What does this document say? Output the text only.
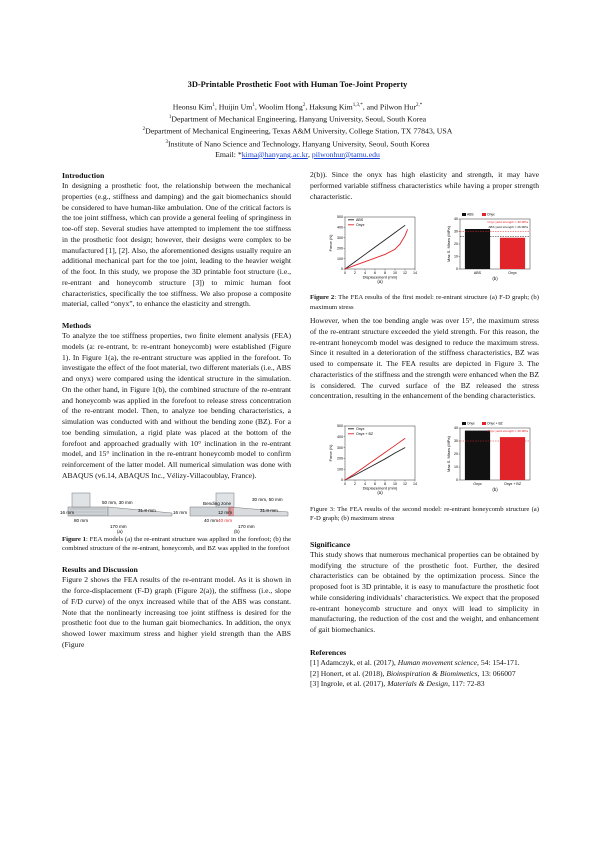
3D-Printable Prosthetic Foot with Human Toe-Joint Property
Heonsu Kim$^1$, Huijin Um$^1$, Woolim Hong$^2$, Haksung Kim$^{1,3,*}$, and Pilwon Hur$^{2,*}$
$^1$Department of Mechanical Engineering, Hanyang University, Seoul, South Korea
$^2$Department of Mechanical Engineering, Texas A&M University, College Station, TX 77843, USA
$^3$Institute of Nano Science and Technology, Hanyang University, Seoul, South Korea
Email: *kima@hanyang.ac.kr, pilwonhur@tamu.edu
Introduction

In designing a prosthetic foot, the relationship between the mechanical properties (e.g., stiffness and damping) and the gait biomechanics should be considered to have human-like ambulation. One of the critical factors is the toe joint stiffness, which can provide a general feeling of springiness in toe-off step. Several studies have attempted to implement the toe stiffness in the prosthetic foot design; however, their designs were complex to be manufactured [1], [2]. Also, the aforementioned designs usually require an additional mechanical part for the toe joint, leading to the heavier weight of the foot. In this study, we propose the 3D printable foot structure (i.e., re-entrant and honeycomb structure [3]) to mimic human foot characteristics, specifically the toe stiffness. We also propose a composite material, called “onyx”, to enhance the elasticity and strength.

Methods

To analyze the toe stiffness properties, two finite element analysis (FEA) models (a: re-entrant, b: re-entrant honeycomb) were established (Figure 1). In Figure 1(a), the re-entrant structure was applied in the forefoot. To investigate the effect of the foot material, two different materials (i.e., ABS and onyx) were compared using the identical structure in the simulation. On the other hand, in Figure 1(b), the combined structure of the re-entrant and honeycomb was applied in the forefoot to release stress concentration of the re-entrant model. Then, to analyze toe bending characteristics, a simulation was conducted with and without the bending zone (BZ). For a toe bending simulation, a rigid plate was placed at the bottom of the forefoot and approached gradually with 10° inclination in the re-entrant model, and 15° inclination in the re-entrant honeycomb model to confirm reinforcement of the latter model. All numerical simulation was done with ABAQUS (v6.14, ABAQUS Inc., Vélizy-Villacoublay, France).

50 mm, 30 mm
31.8 mm
16 mm
80 mm
170 mm
(a)
30 mm, 50 mm
Bending zone
31.8 mm
16 mm	12 mm
40 mm 40 mm
170 mm
(b)

Figure 1: FEA models (a) the re-entrant structure was applied in the forefoot; (b) the combined structure of the re-entrant, honeycomb, and BZ was applied in the forefoot

Results and Discussion

Figure 2 shows the FEA results of the re-entrant model. As it is shown in the force-displacement (F-D) graph (Figure 2(a)), the stiffness (i.e., slope of F/D curve) of the onyx increased while that of the ABS was constant. Note that the nonlinearly increasing toe joint stiffness is desired for the prosthetic foot due to the human gait biomechanics. In addition, the onyx showed lower maximum stress and higher yield strength than the ABS (Figure

2(b)). Since the onyx has high elasticity and strength, it may have performed variable stiffness characteristics while having a proper strength characteristic.

0 2 4 6 8 10 12 14
0
100
200
300
400
500
Displacement (mm)
Force (N)
ABS
Onyx
(a)
0
10
20
30
40
Max S. Mises (MPa)
ABS	Onyx
ABS	Onyx
Onyx yield strength = 30 MPa
ABS yield strength = 26 MPa
(b)

Figure 2: The FEA results of the first model: re-entrant structure (a) F-D graph; (b) maximum stress

However, when the toe bending angle was over 15°, the maximum stress of the re-entrant structure exceeded the yield strength. For this reason, the re-entrant honeycomb model was designed to reduce the maximum stress. Since it resulted in a deterioration of the stiffness characteristics, BZ was used to compensate it. The FEA results are depicted in Figure 3. The characteristics of the stiffness and the strength were enhanced when the BZ is considered. The curved surface of the BZ released the stress concentration, resulting in the enhancement of the bending characteristics.

0 2 4 6 8 10 12 14
0
100
200
300
400
500
Displacement (mm)
Force (N)
Onyx
Onyx + BZ
(a)
0
10
20
30
40
Max S. Mises (MPa)
Onyx	Onyx + BZ
Onyx	Onyx + BZ
Onyx yield strength = 30 MPa
(b)

Figure 3: The FEA results of the second model: re-entrant honeycomb structure (a) F-D graph; (b) maximum stress

Significance

This study shows that numerous mechanical properties can be obtained by modifying the structure of the prosthetic foot. Further, the desired characteristics can be obtained by the optimization process. Since the proposed foot is 3D printable, it is easy to manufacture the prosthetic foot while considering individuals’ characteristics. We expect that the proposed re-entrant honeycomb structure and onyx will lead to simplicity in manufacturing, the reduction of the cost and the weight, and enhancement of gait biomechanics.

References
[1] Adamczyk, et al. (2017), Human movement science, 54: 154-171.
[2] Honert, et al. (2018), Bioinspiration & Biomimetics, 13: 066007
[3] Ingrole, et al. (2017), Materials & Design, 117: 72-83
